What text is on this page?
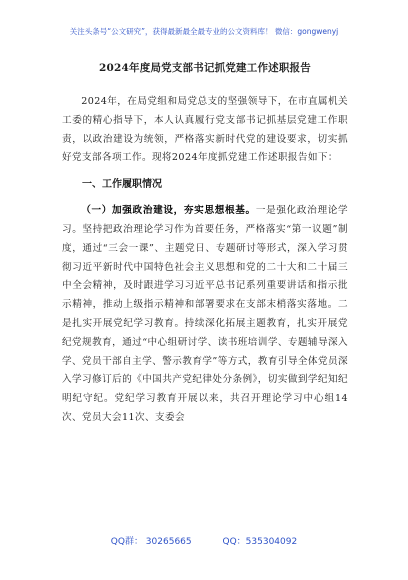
关注头条号“公文研究”，获得最新最全最专业的公文资料库！ 微信：gongwenyj
2024年度局党支部书记抓党建工作述职报告

2024年，在局党组和局党总支的坚强领导下，在市直属机关工委的精心指导下，本人认真履行党支部书记抓基层党建工作职责，以政治建设为统领，严格落实新时代党的建设要求，切实抓好党支部各项工作。现将2024年度抓党建工作述职报告如下：

一、工作履职情况

（一）加强政治建设，夯实思想根基。一是强化政治理论学习。坚持把政治理论学习作为首要任务，严格落实“第一议题”制度，通过“三会一课”、主题党日、专题研讨等形式，深入学习贯彻习近平新时代中国特色社会主义思想和党的二十大和二十届三中全会精神，及时跟进学习习近平总书记系列重要讲话和指示批示精神，推动上级指示精神和部署要求在支部末梢落实落地。二是扎实开展党纪学习教育。持续深化拓展主题教育，扎实开展党纪党规教育，通过“中心组研讨学、读书班培训学、专题辅导深入学、党员干部自主学、警示教育学”等方式，教育引导全体党员深入学习修订后的《中国共产党纪律处分条例》，切实做到学纪知纪明纪守纪。党纪学习教育开展以来，共召开理论学习中心组14次、党员大会11次、支委会

QQ群： 30265665	QQ：535304092
